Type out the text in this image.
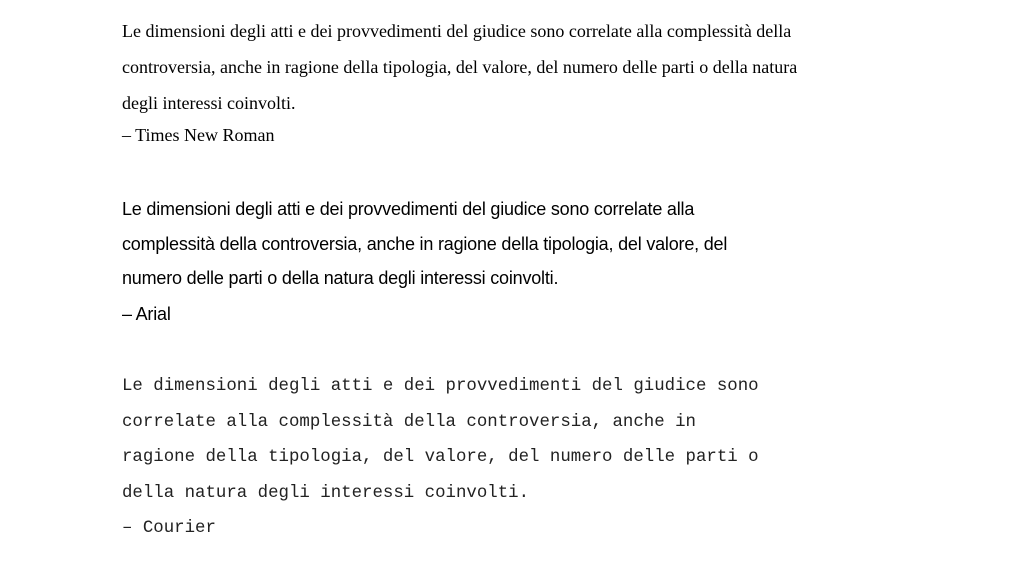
Le dimensioni degli atti e dei provvedimenti del giudice sono correlate alla complessità della

controversia, anche in ragione della tipologia, del valore, del numero delle parti o della natura

degli interessi coinvolti.

– Times New Roman

Le dimensioni degli atti e dei provvedimenti del giudice sono correlate alla

complessità della controversia, anche in ragione della tipologia, del valore, del

numero delle parti o della natura degli interessi coinvolti.

– Arial

Le dimensioni degli atti e dei provvedimenti del giudice sono

correlate alla complessità della controversia, anche in

ragione della tipologia, del valore, del numero delle parti o

della natura degli interessi coinvolti.

– Courier
